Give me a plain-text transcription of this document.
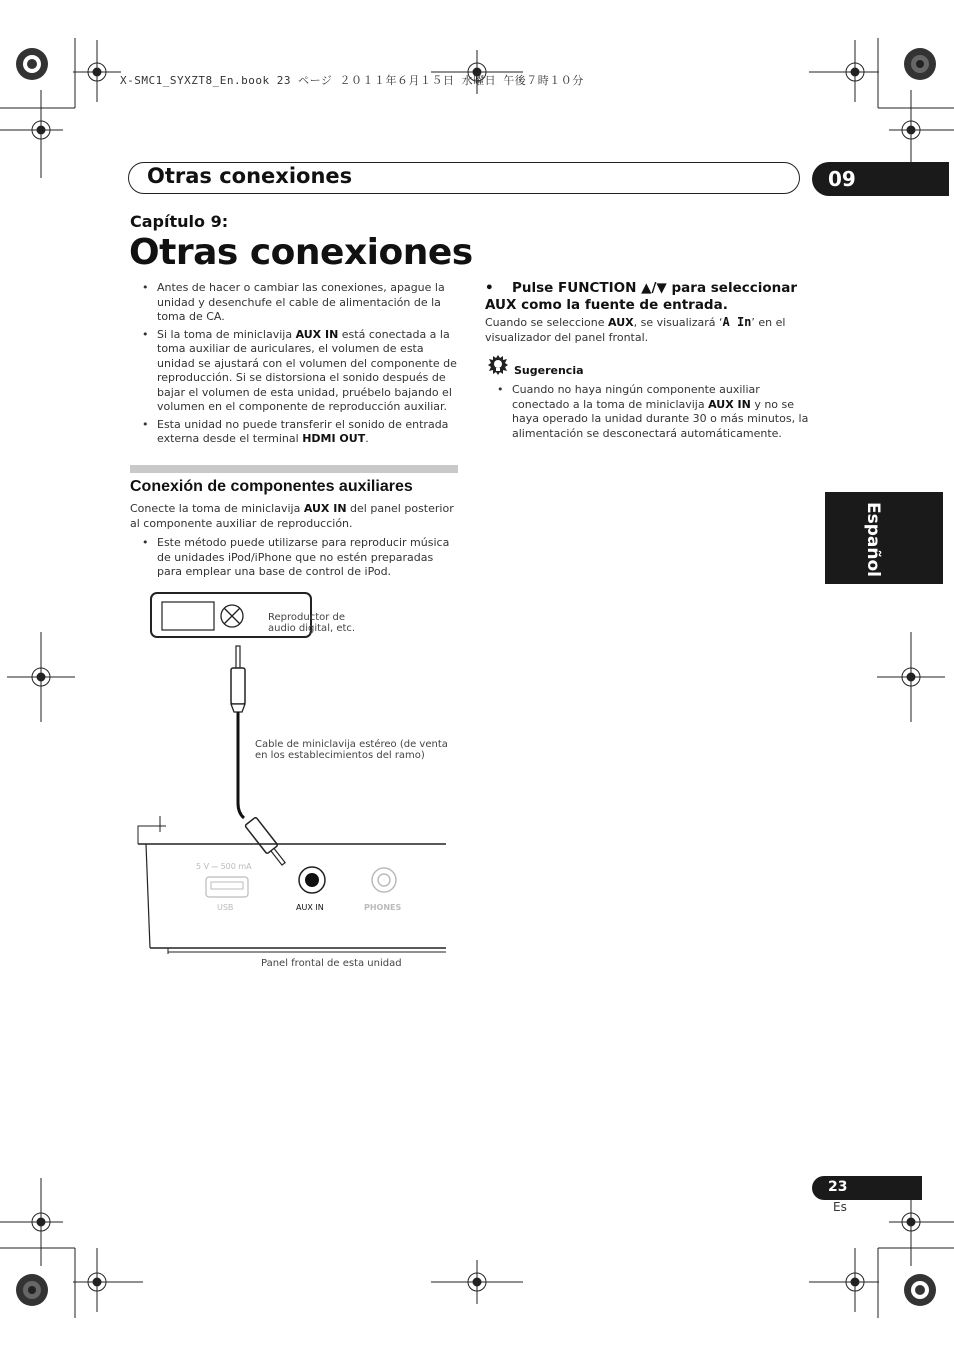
X-SMC1_SYXZT8_En.book 23 ページ ２０１１年６月１５日 水曜日 午後７時１０分
Otras conexiones	09
Capítulo 9:
Otras conexiones
• Antes de hacer o cambiar las conexiones, apague la unidad y desenchufe el cable de alimentación de la toma de CA.
• Si la toma de miniclavija AUX IN está conectada a la toma auxiliar de auriculares, el volumen de esta unidad se ajustará con el volumen del componente de reproducción. Si se distorsiona el sonido después de bajar el volumen de esta unidad, pruébelo bajando el volumen en el componente de reproducción auxiliar.
• Esta unidad no puede transferir el sonido de entrada externa desde el terminal HDMI OUT.
Conexión de componentes auxiliares
Conecte la toma de miniclavija AUX IN del panel posterior al componente auxiliar de reproducción.
• Este método puede utilizarse para reproducir música de unidades iPod/iPhone que no estén preparadas para emplear una base de control de iPod.
Reproductor de
audio digital, etc.
Cable de miniclavija estéreo (de venta
en los establecimientos del ramo)
5 V ⎓ 500 mA
USB	AUX IN	PHONES
Panel frontal de esta unidad
•	Pulse FUNCTION ▲/▼ para seleccionar AUX como la fuente de entrada.
Cuando se seleccione AUX, se visualizará ‘A In’ en el visualizador del panel frontal.
Sugerencia
• Cuando no haya ningún componente auxiliar conectado a la toma de miniclavija AUX IN y no se haya operado la unidad durante 30 o más minutos, la alimentación se desconectará automáticamente.
Español
23
Es
